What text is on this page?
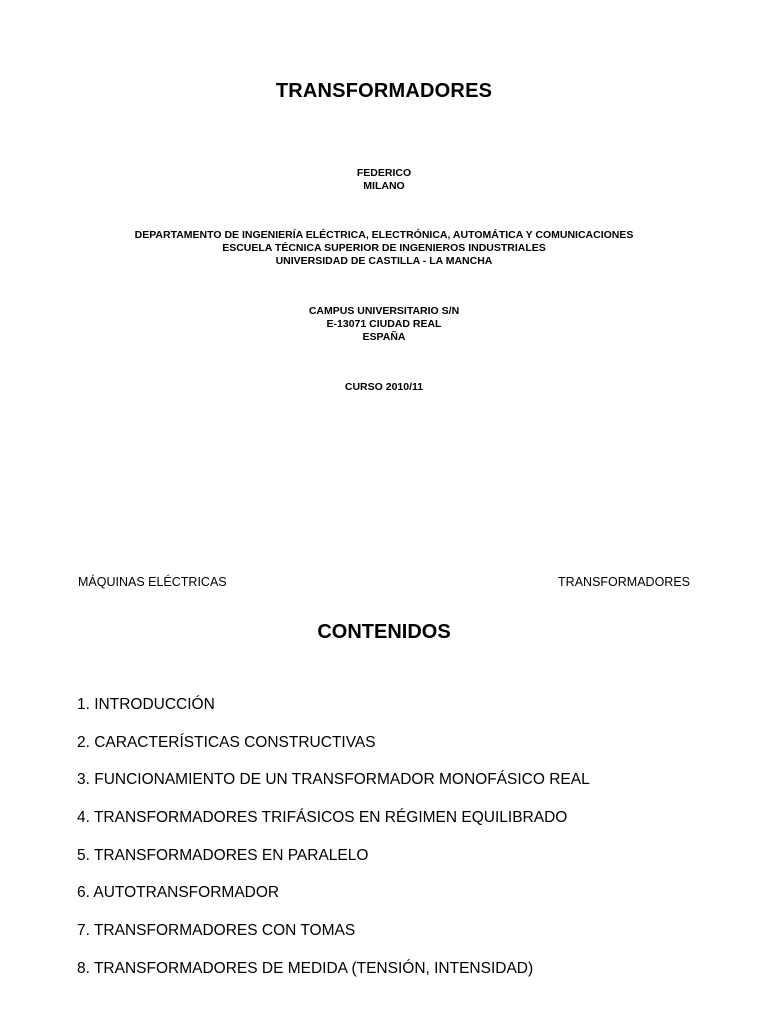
TRANSFORMADORES
FEDERICO
MILANO
DEPARTAMENTO DE INGENIERÍA ELÉCTRICA, ELECTRÓNICA, AUTOMÁTICA Y COMUNICACIONES
ESCUELA TÉCNICA SUPERIOR DE INGENIEROS INDUSTRIALES
UNIVERSIDAD DE CASTILLA - LA MANCHA
CAMPUS UNIVERSITARIO S/N
E-13071 CIUDAD REAL
ESPAÑA
CURSO 2010/11
MÁQUINAS ELÉCTRICAS	TRANSFORMADORES
CONTENIDOS
1. INTRODUCCIÓN
2. CARACTERÍSTICAS CONSTRUCTIVAS
3. FUNCIONAMIENTO DE UN TRANSFORMADOR MONOFÁSICO REAL
4. TRANSFORMADORES TRIFÁSICOS EN RÉGIMEN EQUILIBRADO
5. TRANSFORMADORES EN PARALELO
6. AUTOTRANSFORMADOR
7. TRANSFORMADORES CON TOMAS
8. TRANSFORMADORES DE MEDIDA (TENSIÓN, INTENSIDAD)
